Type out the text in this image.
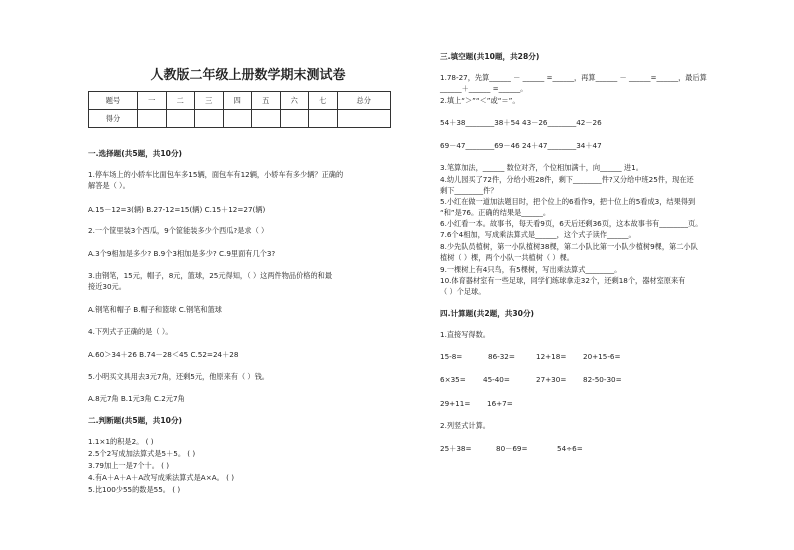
人教版二年级上册数学期末测试卷
题号	一	二	三	四	五	六	七	总分
得分								
一.选择题(共5题，共10分)
1.停车场上的小轿车比面包车多15辆，面包车有12辆，小轿车有多少辆？正确的
解答是（ ）。
A.15－12=3(辆) B.27-12=15(辆) C.15＋12=27(辆)
2.一个筐里装3个西瓜，9个筐能装多少个西瓜?是求（ ）
A.3个9相加是多少? B.9个3相加是多少? C.9里面有几个3?
3.由钢笔，15元，帽子，8元，篮球，25元得知，（ ）这两件物品价格的和最
接近30元。
A.钢笔和帽子 B.帽子和篮球 C.钢笔和篮球
4.下列式子正确的是（ ）。
A.60＞34＋26 B.74－28＜45 C.52=24＋28
5.小明买文具用去3元7角，还剩5元，他原来有（ ）钱。
A.8元7角 B.1元3角 C.2元7角
二.判断题(共5题，共10分)
1.1×1的积是2。 ( )
2.5个2写成加法算式是5＋5。 ( )
3.79加上一是7个十。 ( )
4.有A＋A＋A＋A改写成乘法算式是A×A。 ( )
5.比100少55的数是55。 ( )
三.填空题(共10题，共28分)
1.78-27，先算______ － ______ =______，再算______ － ______=______，最后算
______＋______ =______。
2.填上“＞”“＜”或“＝”。
54＋38________38＋54 43－26________42－26
69－47________69－46 24＋47________34＋47
3.笔算加法，______ 数位对齐，个位相加满十，向______ 进1。
4.幼儿园买了72件，分给小班28件，剩下________件?又分给中班25件，现在还
剩下________件？
5.小红在做一道加法题目时，把个位上的6看作9，把十位上的5看成3，结果得到
“和”是76。正确的结果是______。
6.小红看一本。故事书，每天看9页，6天后还剩36页，这本故事书有________页。
7.6个4相加，写成乘法算式是______，这个式子读作______。
8.少先队员植树，第一小队植树38棵，第二小队比第一小队少植树9棵，第二小队
植树（ ）棵，两个小队一共植树（ ）棵。
9.一棵树上有4只鸟，有5棵树，写出乘法算式________。
10.体育器材室有一些足球，同学们练球拿走32个，还剩18个，器材室原来有
（ ）个足球。
四.计算题(共2题，共30分)
1.直接写得数。
15-8=	86-32=	12+18= 20+15-6=
6×35= 45-40=	27+30= 82-50-30=
29+11= 16+7=
2.列竖式计算。
25＋38=	80－69=	54÷6=
